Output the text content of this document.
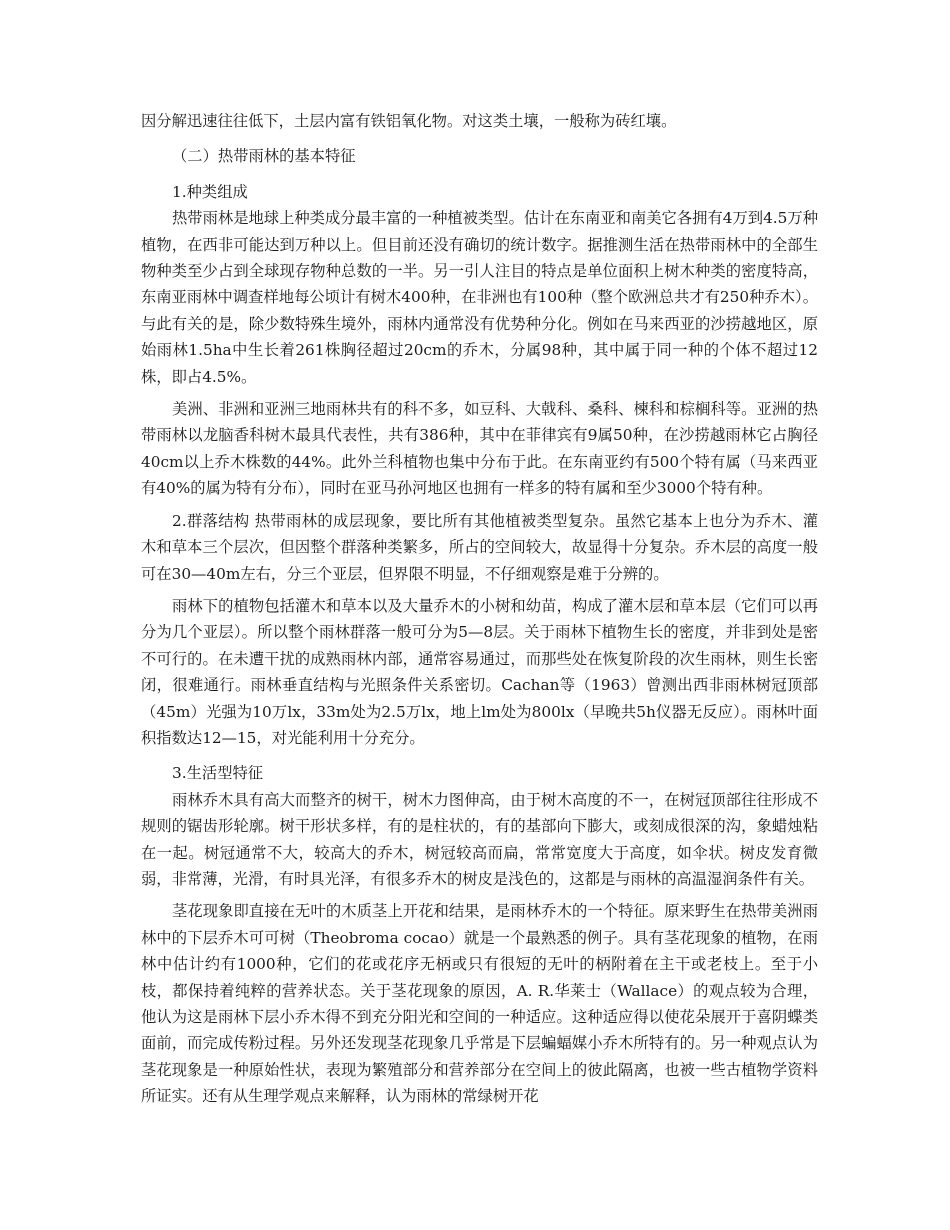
因分解迅速往往低下，土层内富有铁铝氧化物。对这类土壤，一般称为砖红壤。

（二）热带雨林的基本特征

1.种类组成

热带雨林是地球上种类成分最丰富的一种植被类型。估计在东南亚和南美它各拥有4万到4.5万种植物，在西非可能达到万种以上。但目前还没有确切的统计数字。据推测生活在热带雨林中的全部生物种类至少占到全球现存物种总数的一半。另一引人注目的特点是单位面积上树木种类的密度特高，东南亚雨林中调查样地每公顷计有树木400种，在非洲也有100种（整个欧洲总共才有250种乔木）。与此有关的是，除少数特殊生境外，雨林内通常没有优势种分化。例如在马来西亚的沙捞越地区，原始雨林1.5ha中生长着261株胸径超过20cm的乔木，分属98种，其中属于同一种的个体不超过12株，即占4.5%。

美洲、非洲和亚洲三地雨林共有的科不多，如豆科、大戟科、桑科、楝科和棕榈科等。亚洲的热带雨林以龙脑香科树木最具代表性，共有386种，其中在菲律宾有9属50种，在沙捞越雨林它占胸径40cm以上乔木株数的44%。此外兰科植物也集中分布于此。在东南亚约有500个特有属（马来西亚有40%的属为特有分布），同时在亚马孙河地区也拥有一样多的特有属和至少3000个特有种。

2.群落结构 热带雨林的成层现象，要比所有其他植被类型复杂。虽然它基本上也分为乔木、灌木和草本三个层次，但因整个群落种类繁多，所占的空间较大，故显得十分复杂。乔木层的高度一般可在30—40m左右，分三个亚层，但界限不明显，不仔细观察是难于分辨的。

雨林下的植物包括灌木和草本以及大量乔木的小树和幼苗，构成了灌木层和草本层（它们可以再分为几个亚层）。所以整个雨林群落一般可分为5—8层。关于雨林下植物生长的密度，并非到处是密不可行的。在未遭干扰的成熟雨林内部，通常容易通过，而那些处在恢复阶段的次生雨林，则生长密闭，很难通行。雨林垂直结构与光照条件关系密切。Cachan等（1963）曾测出西非雨林树冠顶部（45m）光强为10万lx，33m处为2.5万lx，地上lm处为800lx（早晚共5h仪器无反应）。雨林叶面积指数达12—15，对光能利用十分充分。

3.生活型特征

雨林乔木具有高大而整齐的树干，树木力图伸高，由于树木高度的不一，在树冠顶部往往形成不规则的锯齿形轮廓。树干形状多样，有的是柱状的，有的基部向下膨大，或刻成很深的沟，象蜡烛粘在一起。树冠通常不大，较高大的乔木，树冠较高而扁，常常宽度大于高度，如伞状。树皮发育微弱，非常薄，光滑，有时具光泽，有很多乔木的树皮是浅色的，这都是与雨林的高温湿润条件有关。

茎花现象即直接在无叶的木质茎上开花和结果，是雨林乔木的一个特征。原来野生在热带美洲雨林中的下层乔木可可树（Theobroma cocao）就是一个最熟悉的例子。具有茎花现象的植物，在雨林中估计约有1000种，它们的花或花序无柄或只有很短的无叶的柄附着在主干或老枝上。至于小枝，都保持着纯粹的营养状态。关于茎花现象的原因，A. R.华莱士（Wallace）的观点较为合理，他认为这是雨林下层小乔木得不到充分阳光和空间的一种适应。这种适应得以使花朵展开于喜阴蝶类面前，而完成传粉过程。另外还发现茎花现象几乎常是下层蝙蝠媒小乔木所特有的。另一种观点认为茎花现象是一种原始性状，表现为繁殖部分和营养部分在空间上的彼此隔离，也被一些古植物学资料所证实。还有从生理学观点来解释，认为雨林的常绿树开花
